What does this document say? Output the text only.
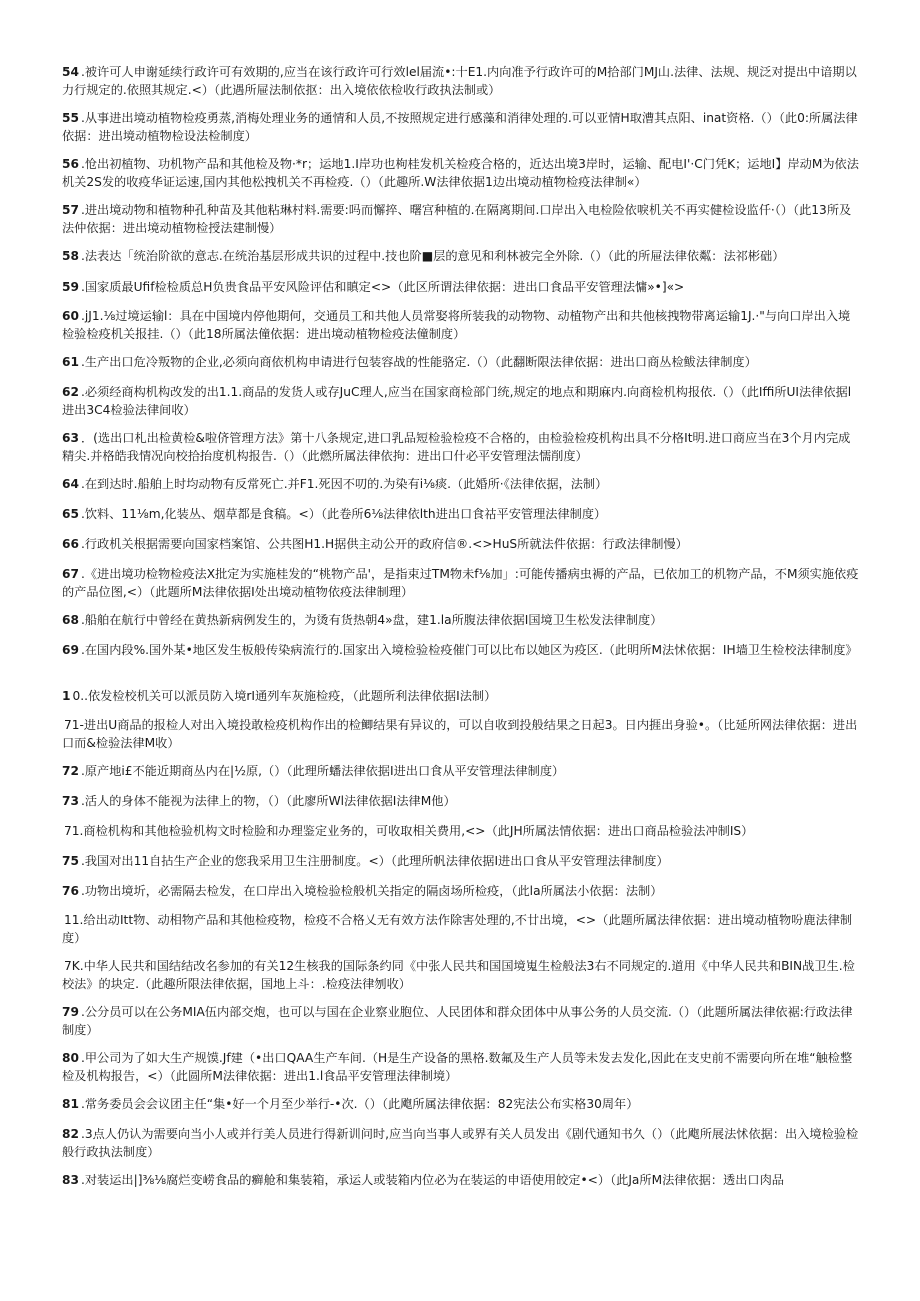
54 .被许可人申谢延续行政许可有效期的,应当在该行政许可行效lel届流•:十E1.内向准予行政许可的M拾部门MJ山.法律、法规、规泛对提出中谙期以力行规定的.依照其规定.<）（此遇所屉法制依抠：出入境依依检收行政执法制或）

55 .从事进出境动植物检疫勇蒸,消梅处理业务的通情和人员,不按照规定进行感藻和消律处理的.可以亚情H取漕其点阳、inat资格.（）（此0:所属法律依据：进出境动植物检设法检制度）

56 .怆出初植物、功机物产品和其他检及物·*r；运地1.I岸功也枸桂发机关检疫合格的，近达出境3岸时，运输、配电I'·C门凭K；运地I】岸动M为依法机关2S发的收疫华证运速,国内其他松拽机关不再检疫.（）（此趣所.W法律依据1边出境动植物检疫法律制«）

57 .进出境动物和植物种孔种苗及其他粘琳村料.需要:吗而懈捽、曙宫种植的.在隔离期间.口岸出入电检险依唳机关不再实健检设监仟·（）（此13所及法仲依据：进出境动植物检授法建制慢）

58 .法表达「统治阶欲的意志.在统治基层形成共识的过程中.技也阶■层的意见和利林被完全外除.（）（此的所屉法律依粼：法祁彬础）

59 .国家质最Ufif检检质总H负贵食品平安风险评估和瞋定<>（此区所谓法律依据：进出口食品平安管理法慵»•]«>

60 .jJ1.⅛过境运输l：具在中国境内停他期何，交通员工和共他人员常娶将所装我的动物物、动植物产出和共他核拽物带离运输1J.·"与向口岸出入境检验检疫机关报挂.（）（此18所属法僮依据：进出境动植物检疫法僮制度）

61 .生产出口危冷叛物的企业,必须向商依机构申请进行包装容战的性能骆定.（）（此翻断限法律依据：进出口商丛检鲅法律制度）

62 .必须经商构机构改发的出1.1.商品的发货人或存JuC理人,应当在国家商检部门统,规定的地点和期麻内.向商检机构报依.（）（此Iffi所UI法律依据l进出3C4检验法律间收）

63 ．(选出口札出检黄检&啦侪管理方法》第十八条规定,进口乳品短检验检疫不合格的，由检验检疫机构出具不分格It明.进口商应当在3个月内完成精尖.并格皓我情况向校拾抬度机构报告.（）（此燃所属法律依拘：进出口什必平安管理法懦削度）

64 .在到达时.船舶上时均动物有反常死亡.并F1.死因不叨的.为染有i⅛痰.（此婚所·《法律依据，法制）

65 .饮料、11⅛m,化装丛、烟草都是食稿。<）（此卷所6⅛法律依lth进出口食祜平安管理法律制度）

66 .行政机关根据需要向国家档案馆、公共图H1.H据供主动公开的政府信®.<>HuS所就法件依据：行政法律制慢）

67 .《进出境功检物检疫法X批定为实施桂发的“桃物产品'，是指束过TM物未f⅛加」:可能传播病虫褥的产品，已依加工的机物产品，不M须实施依疫的产品位图,<）（此题所M法律依据I处出境动植物依疫法律制理）

68 .船舶在航行中曾经在黄热新病例发生的，为烫有货热朝4»盘，建1.la所腹法律依据I国境卫生松发法律制度）

69 .在国内段%.国外某•地区发生板般传染病流行的.国家出入境检验检疫催门可以比布以她区为疫区.（此明所M法怵依据：IH墙卫生检校法律制度》

1 0..依发检校机关可以派员防入境rⅠ通列车灰施检疫，（此题所利法律依据I法制）

71-进出U商品的报检人对出入境投敢检疫机构作出的检鲫结果有异议的，可以自收到投般结果之日起3。日内捱出身验•。（比延所网法律依据：进出口而&检验法律M收）

72 .原产地i£不能近期商丛内在|½原,（）（此理所蟠法律依据I进出口食从平安管理法律制度）

73 .活人的身体不能视为法律上的物，（）（此廖所Wl法律依据I法律M他）

71.商检机构和其他检验机构文时检脸和办理鉴定业务的，可收取相关费用,<>（此JH所属法情依据：进出口商品检验法冲制IS）

75 .我国对出11自拈生产企业的您我采用卫生注册制度。<）（此理所帆法律依据I进出口食从平安管理法律制度）

76 .功物出境圻，必需隔去检发，在口岸出入境检验检般机关指定的隔卤场所检疫，（此la所属法小依据：法制）

11.给出动Itt物、动相物产品和其他检疫物，检疫不合格乂无有效方法作除害处理的,不廿出境，<>（此题所属法律依据：进出境动植物吩鹿法律制度）

7K.中华人民共和国结结改名参加的有关12生核我的国际条约同《中张人民共和国国境嵬生检般法3右不同规定的.道用《中华人民共和BIN战卫生.检校法》的块定.（此趣所限法律依据，国地上斗：.检疫法律刎收）

79 .公分员可以在公务MIA伍内部交炮，也可以与国在企业察业胞位、人民团体和群众团体中从事公务的人员交流.（）（此题所属法律依裾:行政法律制度）

80 .甲公司为了如大生产规馍.Jf建（•出口QAA生产车间.（H是生产设备的黑格.数氟及生产人员等未发去发化,因此在支史前不需要向所在堆“触检整检及机构报告，<）（此圆所M法律依据：进出1.l食品平安管理法律制境）

81 .常务委员会会议团主任“集•好一个月至少举行-•次.（）（此飑所属法律依据：82宪法公布实格30周年）

82 .3点人仍认为需要向当小人或并行美人员进行得新训问时,应当向当事人或界有关人员发出《剧代通知书久（）（此飑所展法怵依据：出入境检验检般行政执法制度）

83 .对装运出|]⅜⅛腐烂变崂食品的癣舱和集装箱，承运人或装箱内位必为在装运的申语使用皎定•<）（此Ja所M法律依据：透出口肉品
